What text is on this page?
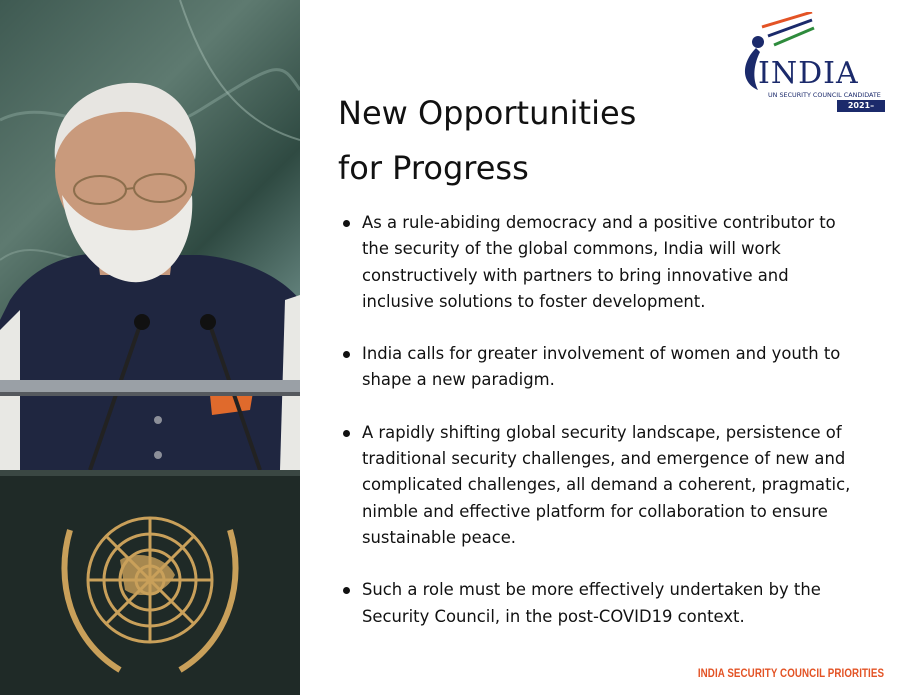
INDIA
UN SECURITY COUNCIL CANDIDATE
2021–2022
New Opportunities
for Progress
As a rule-abiding democracy and a positive contributor to the security of the global commons, India will work constructively with partners to bring innovative and inclusive solutions to foster development.
India calls for greater involvement of women and youth to shape a new paradigm.
A rapidly shifting global security landscape, persistence of traditional security challenges, and emergence of new and complicated challenges, all demand a coherent, pragmatic, nimble and effective platform for collaboration to ensure sustainable peace.
Such a role must be more effectively undertaken by the Security Council, in the post-COVID19 context.
INDIA SECURITY COUNCIL PRIORITIES
